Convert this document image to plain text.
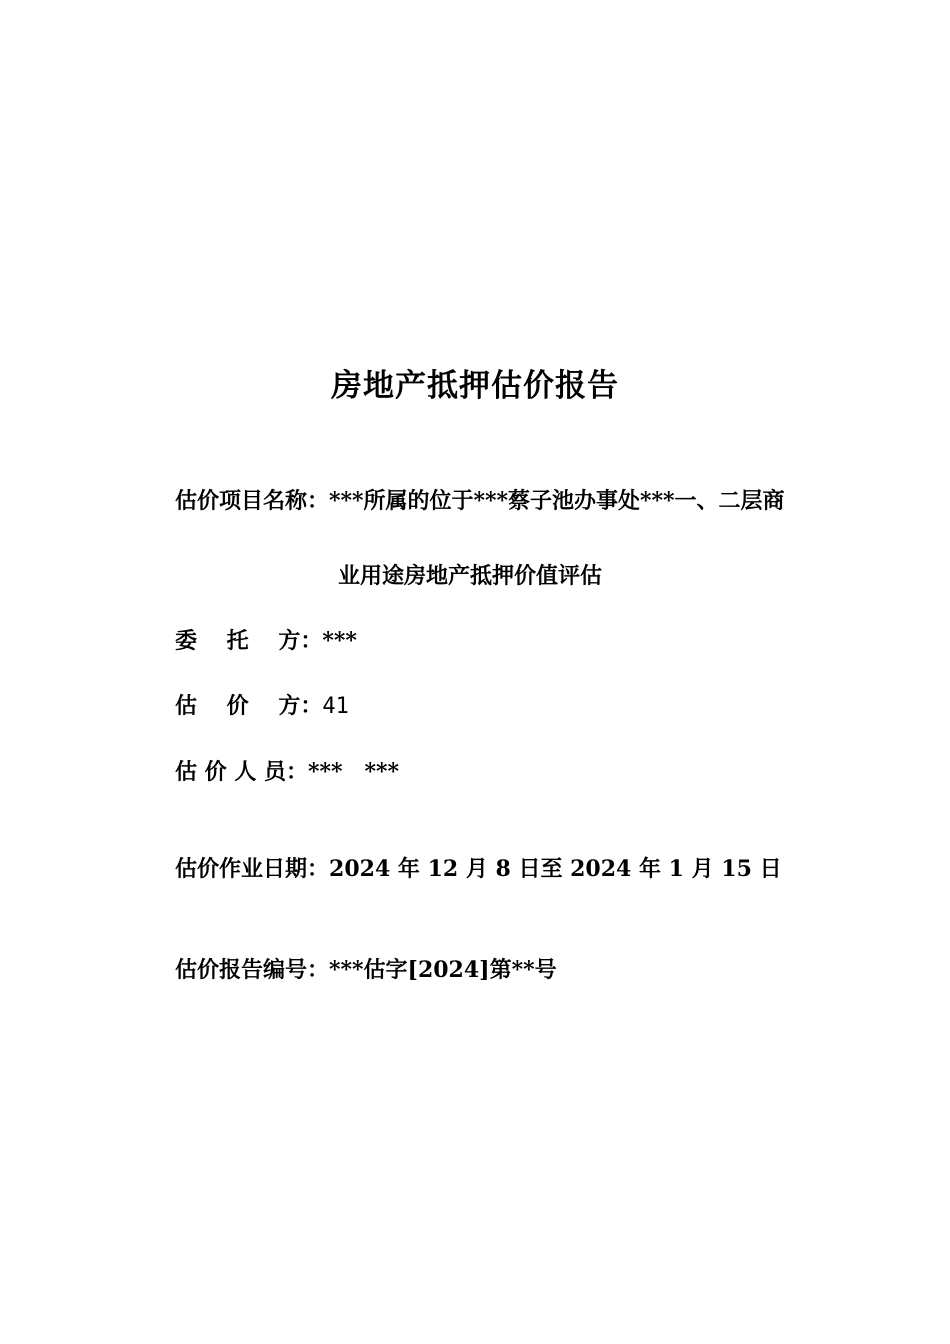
房地产抵押估价报告
估价项目名称：***所属的位于***蔡子池办事处***一、二层商
业用途房地产抵押价值评估
委　 托　 方：***
估　 价　 方：41
估 价 人 员：***　***
估价作业日期：2024 年 12 月 8 日至 2024 年 1 月 15 日
估价报告编号：***估字[2024]第**号
